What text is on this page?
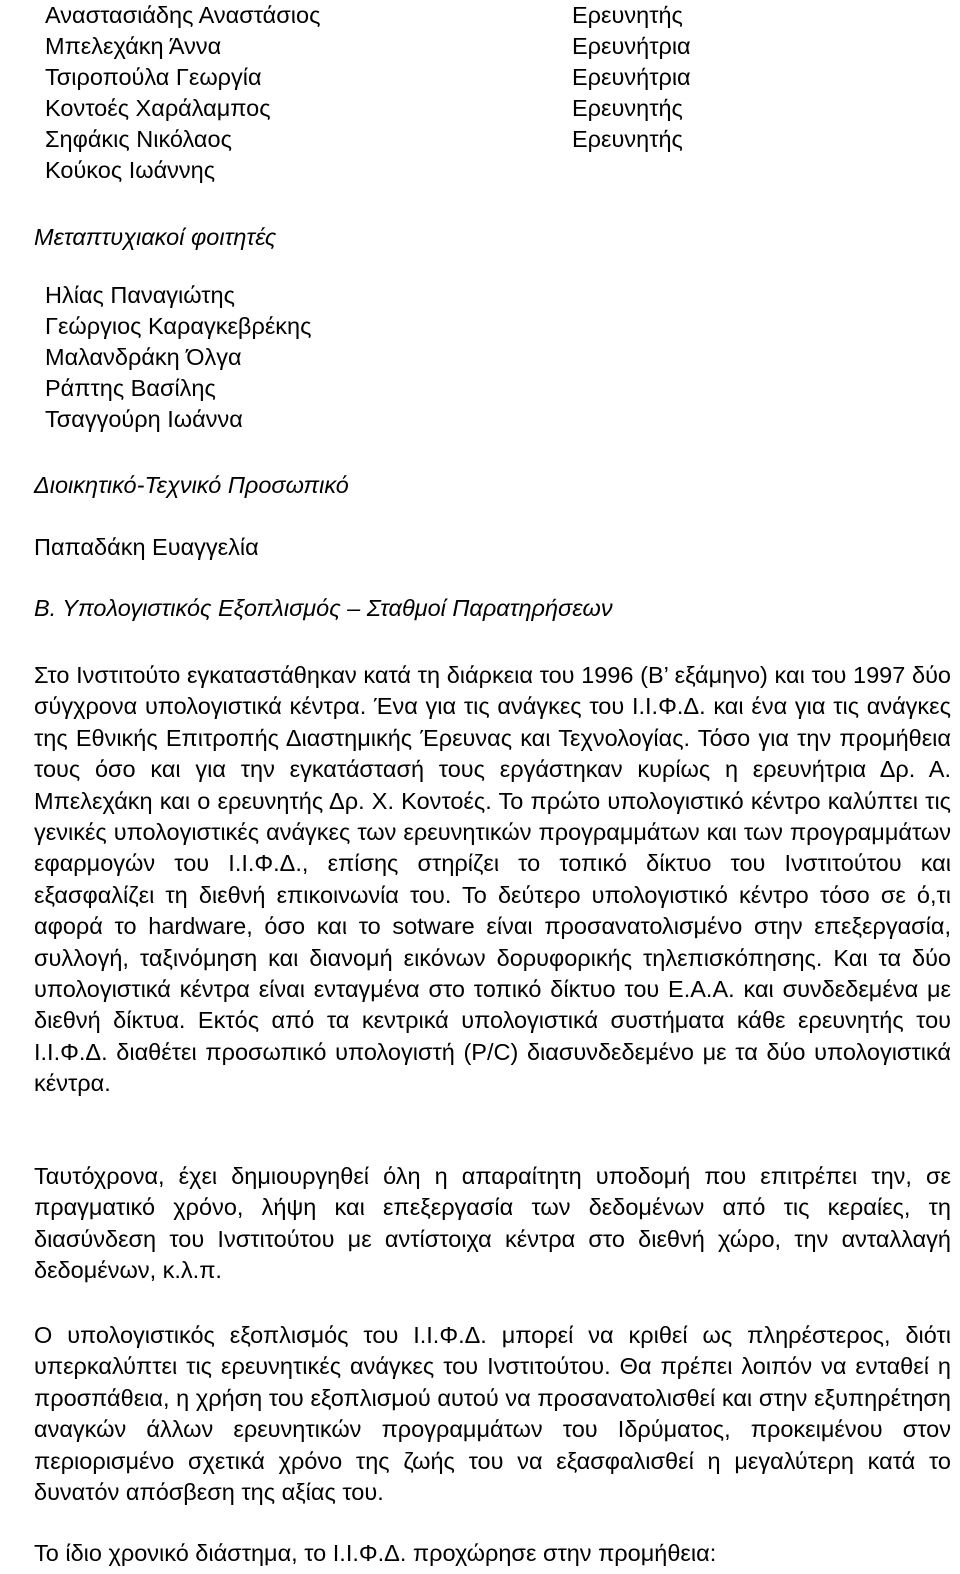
Αναστασιάδης Αναστάσιος	Ερευνητής
Μπελεχάκη Άννα	Ερευνήτρια
Τσιροπούλα Γεωργία	Ερευνήτρια
Κοντοές Χαράλαμπος	Ερευνητής
Σηφάκις Νικόλαος	Ερευνητής
Κούκος Ιωάννης
Μεταπτυχιακοί φοιτητές
Ηλίας Παναγιώτης
Γεώργιος Καραγκεβρέκης
Μαλανδράκη Όλγα
Ράπτης Βασίλης
Τσαγγούρη Ιωάννα
Διοικητικό-Τεχνικό Προσωπικό
Παπαδάκη Ευαγγελία
Β. Υπολογιστικός Εξοπλισμός – Σταθμοί Παρατηρήσεων

Στο Ινστιτούτο εγκαταστάθηκαν κατά τη διάρκεια του 1996 (Β’ εξάμηνο) και του 1997 δύο σύγχρονα υπολογιστικά κέντρα. Ένα για τις ανάγκες του Ι.Ι.Φ.Δ. και ένα για τις ανάγκες της Εθνικής Επιτροπής Διαστημικής Έρευνας και Τεχνολογίας. Τόσο για την προμήθεια τους όσο και για την εγκατάστασή τους εργάστηκαν κυρίως η ερευνήτρια Δρ. Α. Μπελεχάκη και ο ερευνητής Δρ. Χ. Κοντοές. Το πρώτο υπολογιστικό κέντρο καλύπτει τις γενικές υπολογιστικές ανάγκες των ερευνητικών προγραμμάτων και των προγραμμάτων εφαρμογών του Ι.Ι.Φ.Δ., επίσης στηρίζει το τοπικό δίκτυο του Ινστιτούτου και εξασφαλίζει τη διεθνή επικοινωνία του. Το δεύτερο υπολογιστικό κέντρο τόσο σε ό,τι αφορά το hardware, όσο και το sotware είναι προσανατολισμένο στην επεξεργασία, συλλογή, ταξινόμηση και διανομή εικόνων δορυφορικής τηλεπισκόπησης. Και τα δύο υπολογιστικά κέντρα είναι ενταγμένα στο τοπικό δίκτυο του Ε.Α.Α. και συνδεδεμένα με διεθνή δίκτυα. Εκτός από τα κεντρικά υπολογιστικά συστήματα κάθε ερευνητής του Ι.Ι.Φ.Δ. διαθέτει προσωπικό υπολογιστή (P/C) διασυνδεδεμένο με τα δύο υπολογιστικά κέντρα.

Ταυτόχρονα, έχει δημιουργηθεί όλη η απαραίτητη υποδομή που επιτρέπει την, σε πραγματικό χρόνο, λήψη και επεξεργασία των δεδομένων από τις κεραίες, τη διασύνδεση του Ινστιτούτου με αντίστοιχα κέντρα στο διεθνή χώρο, την ανταλλαγή δεδομένων, κ.λ.π.

Ο υπολογιστικός εξοπλισμός του Ι.Ι.Φ.Δ. μπορεί να κριθεί ως πληρέστερος, διότι υπερκαλύπτει τις ερευνητικές ανάγκες του Ινστιτούτου. Θα πρέπει λοιπόν να ενταθεί η προσπάθεια, η χρήση του εξοπλισμού αυτού να προσανατολισθεί και στην εξυπηρέτηση αναγκών άλλων ερευνητικών προγραμμάτων του Ιδρύματος, προκειμένου στον περιορισμένο σχετικά χρόνο της ζωής του να εξασφαλισθεί η μεγαλύτερη κατά το δυνατόν απόσβεση της αξίας του.

Το ίδιο χρονικό διάστημα, το Ι.Ι.Φ.Δ. προχώρησε στην προμήθεια:
